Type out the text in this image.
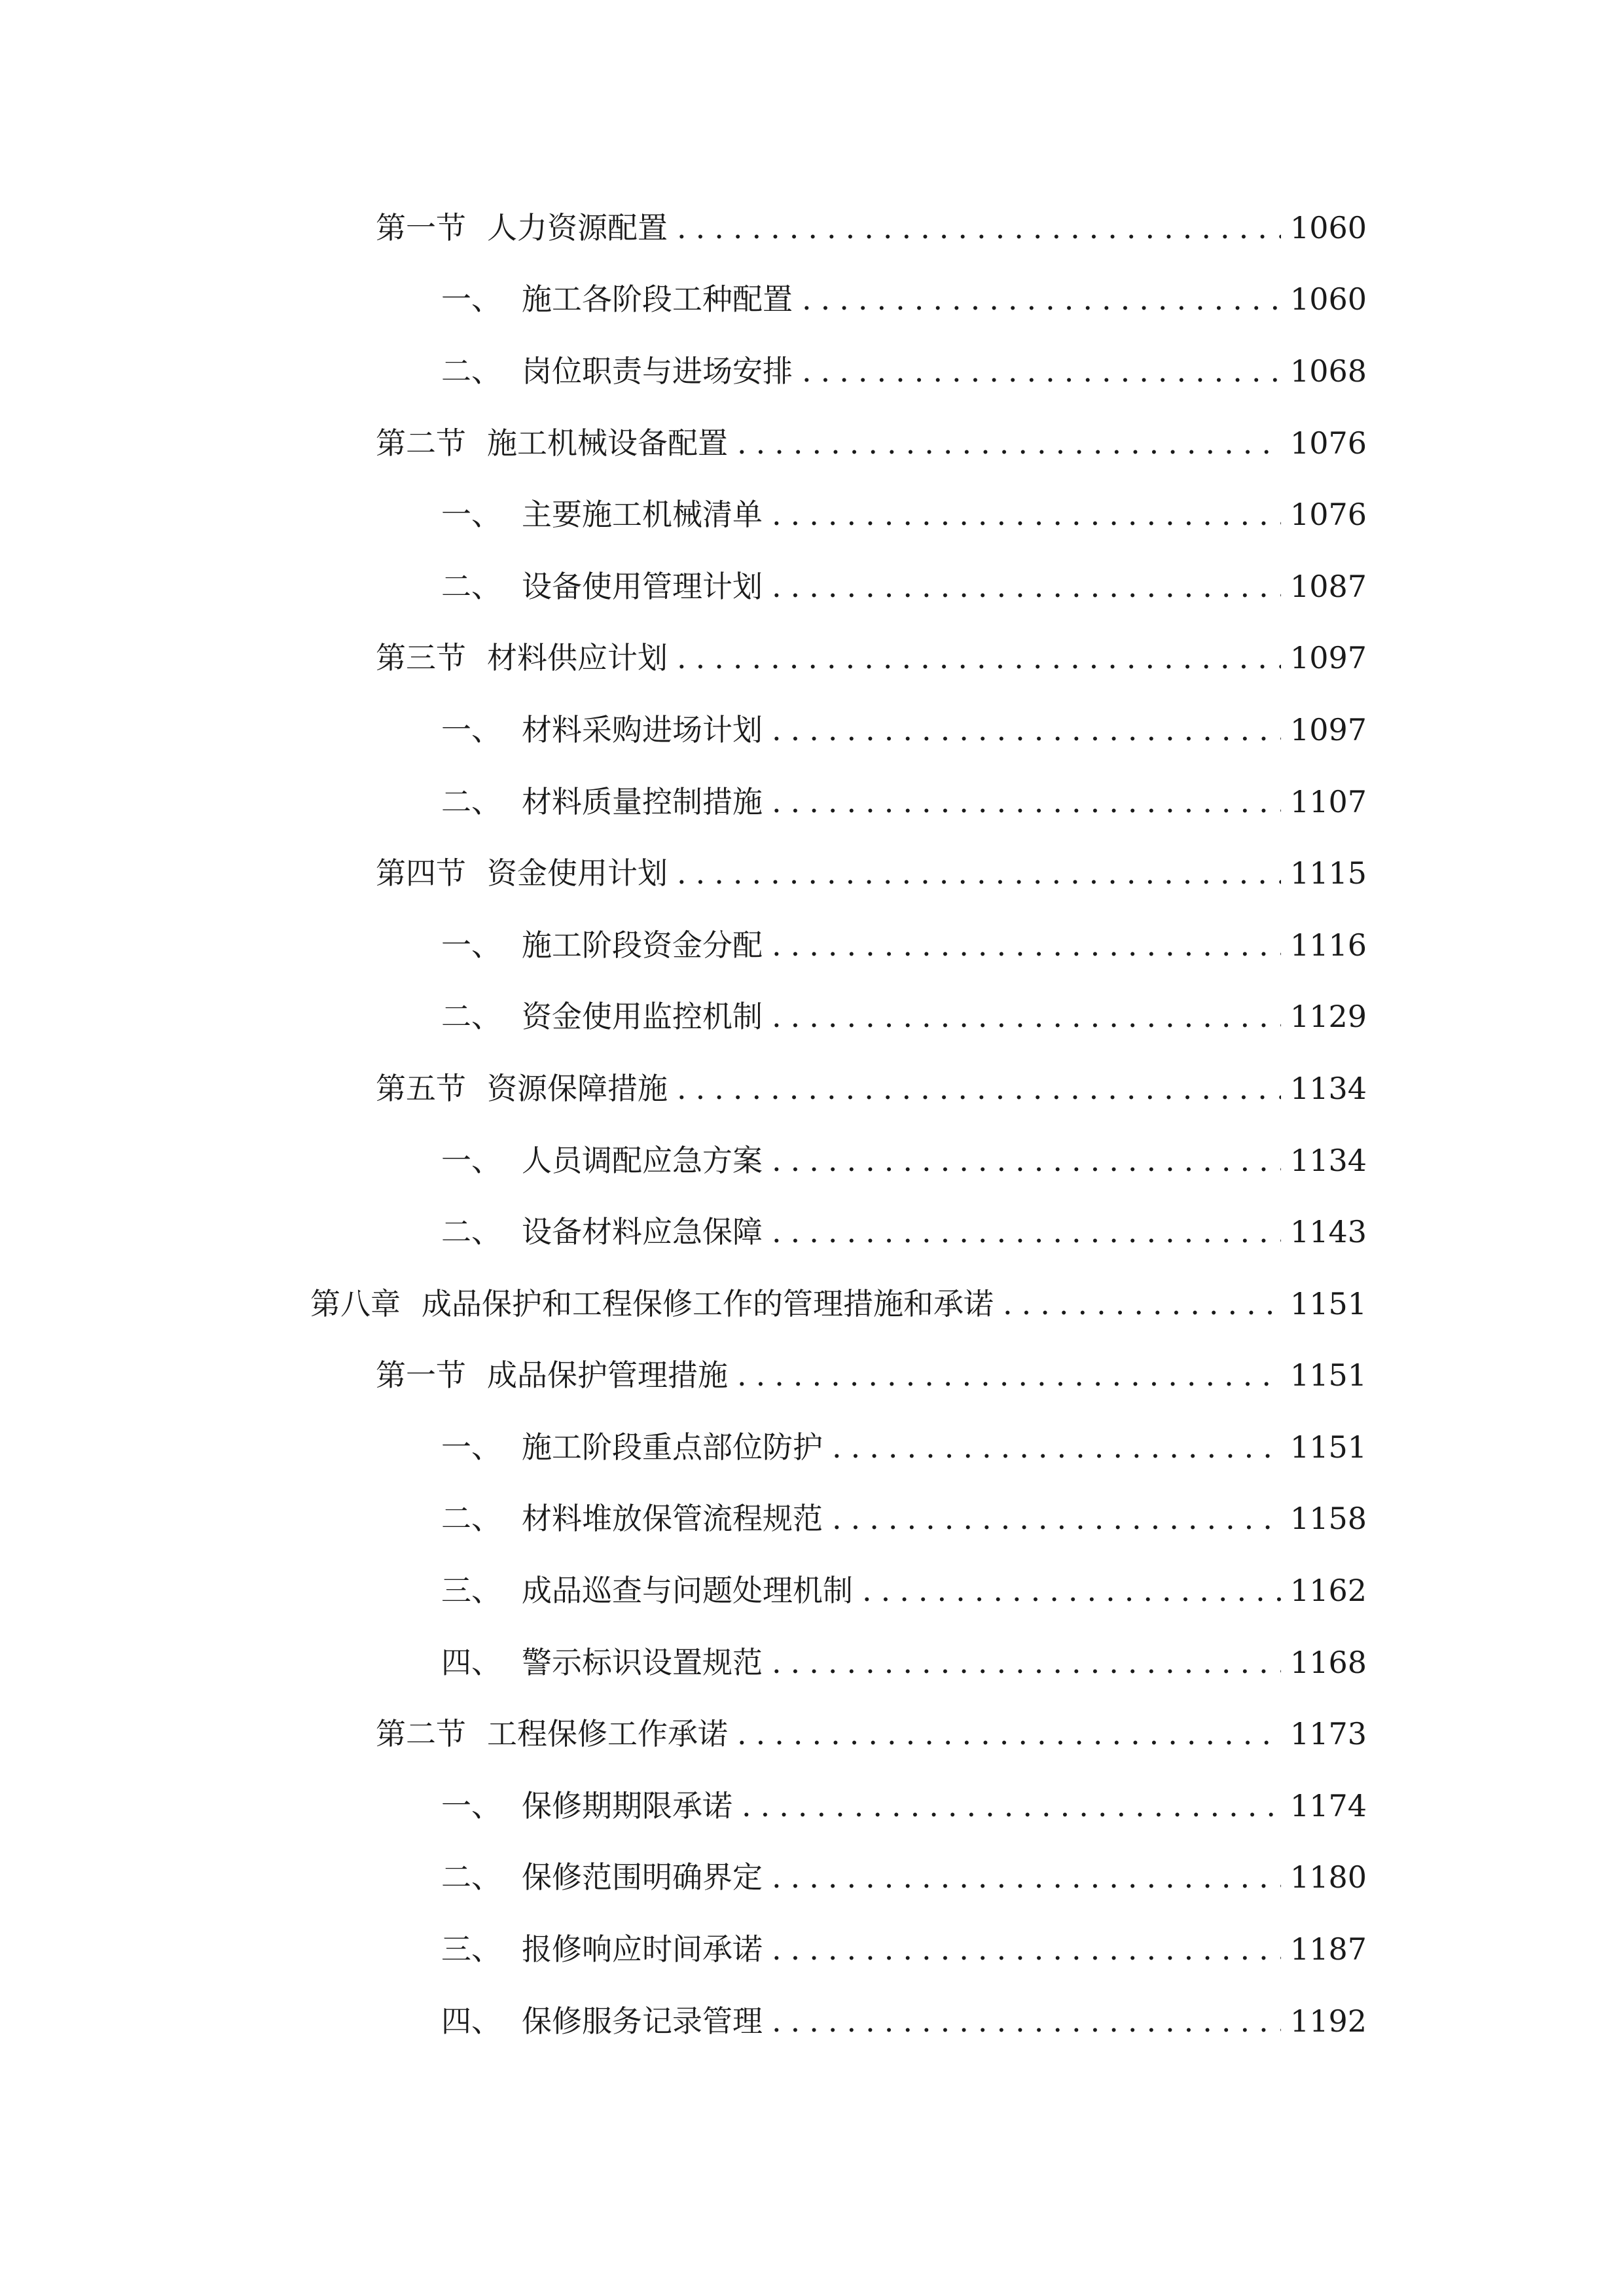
第一节 人力资源配置 .....	1060
一、 施工各阶段工种配置 .....	1060
二、 岗位职责与进场安排 .....	1068
第二节 施工机械设备配置 .....	1076
一、 主要施工机械清单 .....	1076
二、 设备使用管理计划 .....	1087
第三节 材料供应计划 .....	1097
一、 材料采购进场计划 .....	1097
二、 材料质量控制措施 .....	1107
第四节 资金使用计划 .....	1115
一、 施工阶段资金分配 .....	1116
二、 资金使用监控机制 .....	1129
第五节 资源保障措施 .....	1134
一、 人员调配应急方案 .....	1134
二、 设备材料应急保障 .....	1143
第八章 成品保护和工程保修工作的管理措施和承诺 .....	1151
第一节 成品保护管理措施 .....	1151
一、 施工阶段重点部位防护 .....	1151
二、 材料堆放保管流程规范 .....	1158
三、 成品巡查与问题处理机制 .....	1162
四、 警示标识设置规范 .....	1168
第二节 工程保修工作承诺 .....	1173
一、 保修期期限承诺 .....	1174
二、 保修范围明确界定 .....	1180
三、 报修响应时间承诺 .....	1187
四、 保修服务记录管理 .....	1192
